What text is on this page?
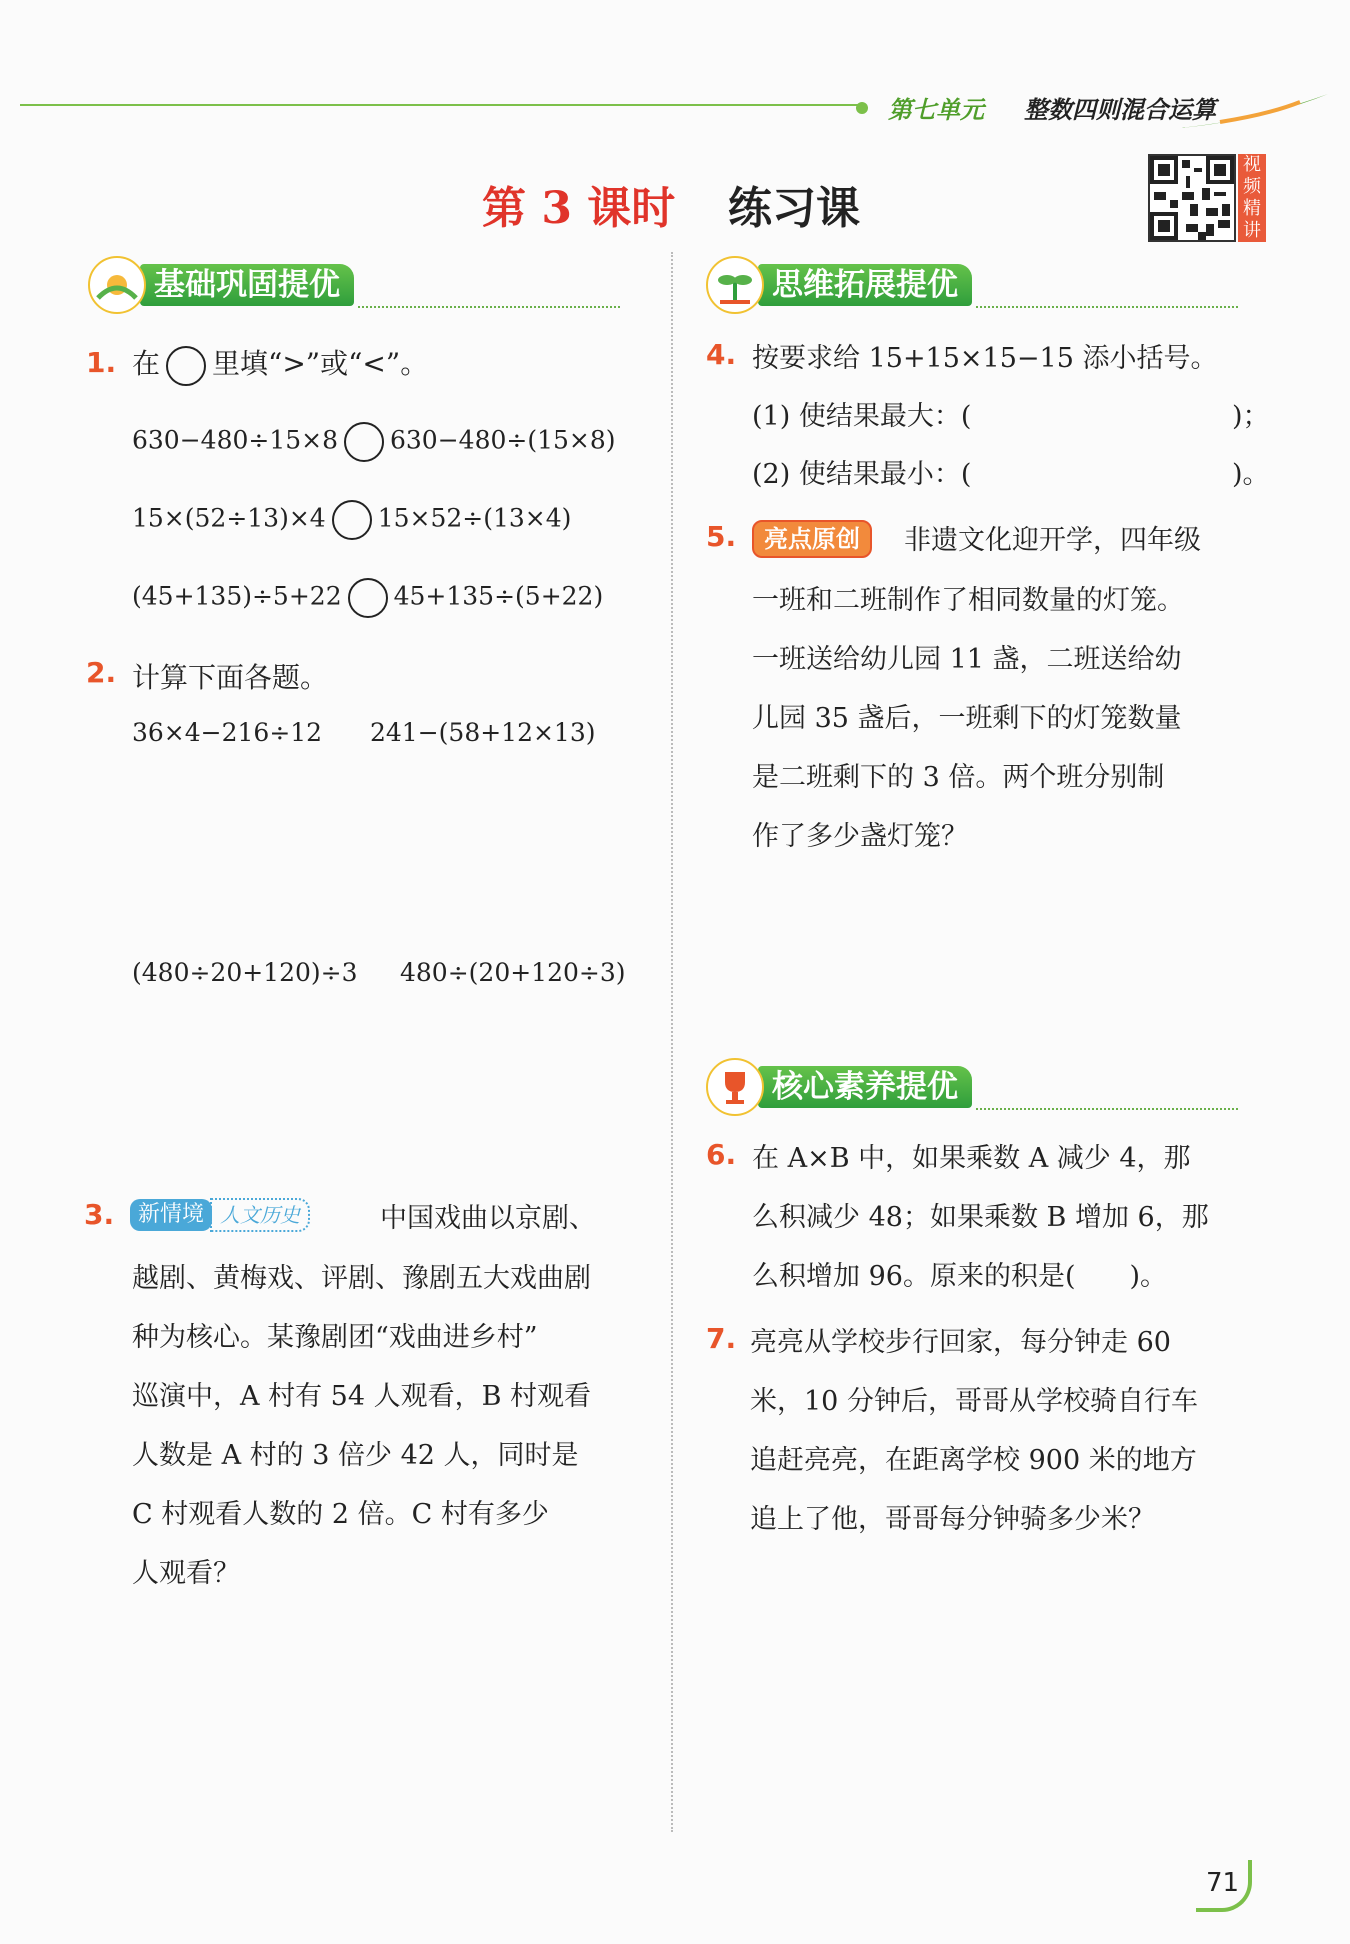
第七单元 整数四则混合运算
第 3 课时 练习课
视频精讲
基础巩固提优	思维拓展提优
核心素养提优
1. 在 里填“>”或“<”。
630−480÷15×8 630−480÷(15×8)
15×(52÷13)×4 15×52÷(13×4)
(45+135)÷5+22 45+135÷(5+22)
2. 计算下面各题。
36×4−216÷12 241−(58+12×13)
(480÷20+120)÷3 480÷(20+120÷3)
3.	新情境 人文历史	中国戏曲以京剧、
越剧、黄梅戏、评剧、豫剧五大戏曲剧
种为核心。某豫剧团“戏曲进乡村”
巡演中，A 村有 54 人观看，B 村观看
人数是 A 村的 3 倍少 42 人，同时是
C 村观看人数的 2 倍。C 村有多少
人观看？
4. 按要求给 15+15×15−15 添小括号。
(1) 使结果最大：(	)；
(2) 使结果最小：(	)。
5.	亮点原创	非遗文化迎开学，四年级
一班和二班制作了相同数量的灯笼。
一班送给幼儿园 11 盏，二班送给幼
儿园 35 盏后，一班剩下的灯笼数量
是二班剩下的 3 倍。两个班分别制
作了多少盏灯笼？
6. 在 A×B 中，如果乘数 A 减少 4，那
么积减少 48；如果乘数 B 增加 6，那
么积增加 96。原来的积是(　　)。
7. 亮亮从学校步行回家，每分钟走 60
米，10 分钟后，哥哥从学校骑自行车
追赶亮亮，在距离学校 900 米的地方
追上了他，哥哥每分钟骑多少米？
71
